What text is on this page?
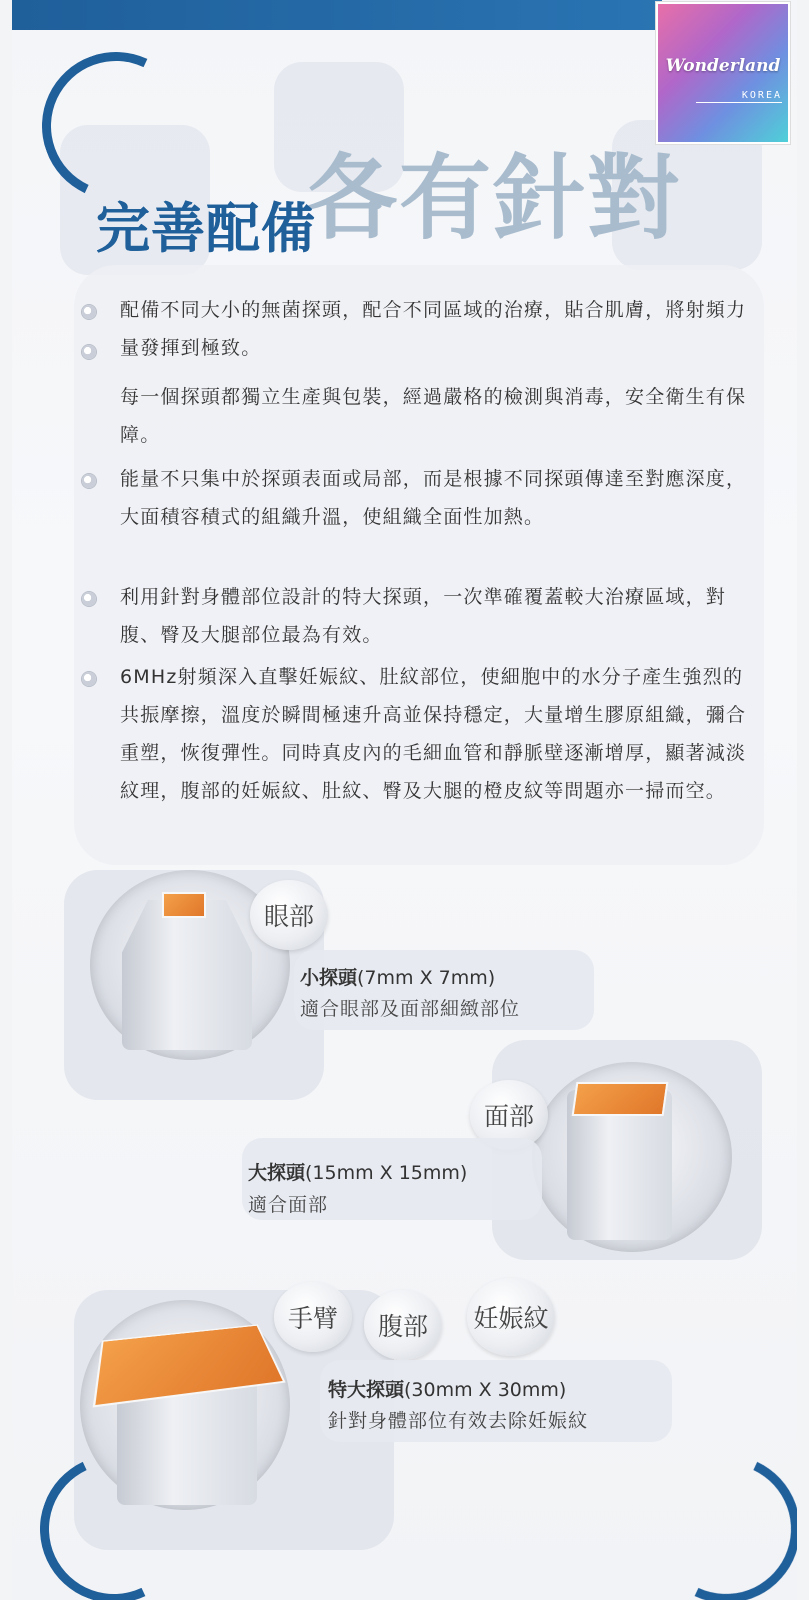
各有針對
完善配備
配備不同大小的無菌探頭，配合不同區域的治療，貼合肌膚，將射頻力量發揮到極致。
每一個探頭都獨立生產與包裝，經過嚴格的檢測與消毒，安全衛生有保障。
能量不只集中於探頭表面或局部，而是根據不同探頭傳達至對應深度，大面積容積式的組織升溫，使組織全面性加熱。
利用針對身體部位設計的特大探頭，一次準確覆蓋較大治療區域，對腹、臀及大腿部位最為有效。
6MHz射頻深入直擊妊娠紋、肚紋部位，使細胞中的水分子產生強烈的共振摩擦，溫度於瞬間極速升高並保持穩定，大量增生膠原組織，彌合重塑，恢復彈性。同時真皮內的毛細血管和靜脈壁逐漸增厚，顯著減淡紋理，腹部的妊娠紋、肚紋、臀及大腿的橙皮紋等問題亦一掃而空。
眼部
小探頭(7mm X 7mm)
適合眼部及面部細緻部位
面部
大探頭(15mm X 15mm)
適合面部
手臂	腹部	妊娠紋
特大探頭(30mm X 30mm)
針對身體部位有效去除妊娠紋
Wonderland
KOREA
